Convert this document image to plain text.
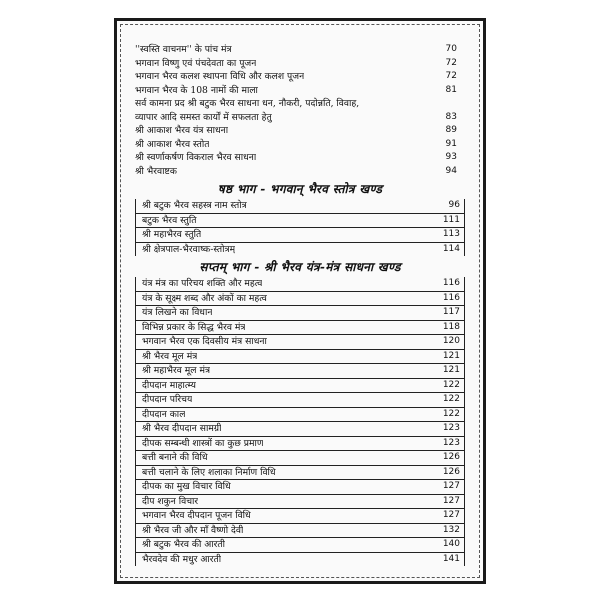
''स्वस्ति वाचनम'' के पांच मंत्र	70
भगवान विष्णु एवं पंचदेवता का पूजन	72
भगवान भैरव कलश स्थापना विधि और कलश पूजन	72
भगवान भैरव के 108 नामों की माला	81
सर्व कामना प्रद श्री बटुक भैरव साधना धन, नौकरी, पदोन्नति, विवाह,
व्यापार आदि समस्त कार्यों में सफलता हेतु	83
श्री आकाश भैरव यंत्र साधना	89
श्री आकाश भैरव स्तोत	91
श्री स्वर्णाकर्षण विकराल भैरव साधना	93
श्री भैरवाष्टक	94
षष्ठ भाग - भगवान् भैरव स्तोत्र खण्ड
श्री बटुक भैरव सहस्त्र नाम स्तोत्र	96
बटुक भैरव स्तुति	111
श्री महाभैरव स्तुति	113
श्री क्षेत्रपाल-भैरवाष्क-स्तोत्रम्	114
सप्तम् भाग - श्री भैरव यंत्र-मंत्र साधना खण्ड
यंत्र मंत्र का परिचय शक्ति और महत्व	116
यंत्र के सूक्ष्म शब्द और अंकों का महत्व	116
यंत्र लिखने का विधान	117
विभिन्न प्रकार के सिद्ध भैरव मंत्र	118
भगवान भैरव एक दिवसीय मंत्र साधना	120
श्री भैरव मूल मंत्र	121
श्री महाभैरव मूल मंत्र	121
दीपदान माहात्म्य	122
दीपदान परिचय	122
दीपदान काल	122
श्री भैरव दीपदान सामग्री	123
दीपक सम्बन्धी शास्त्रों का कुछ प्रमाण	123
बत्ती बनाने की विधि	126
बत्ती चलाने के लिए शलाका निर्माण विधि	126
दीपक का मुख विचार विधि	127
दीप शकुन विचार	127
भगवान भैरव दीपदान पूजन विधि	127
श्री भैरव जी और माँ वैष्णो देवी	132
श्री बटुक भैरव की आरती	140
भैरवदेव की मधुर आरती	141
